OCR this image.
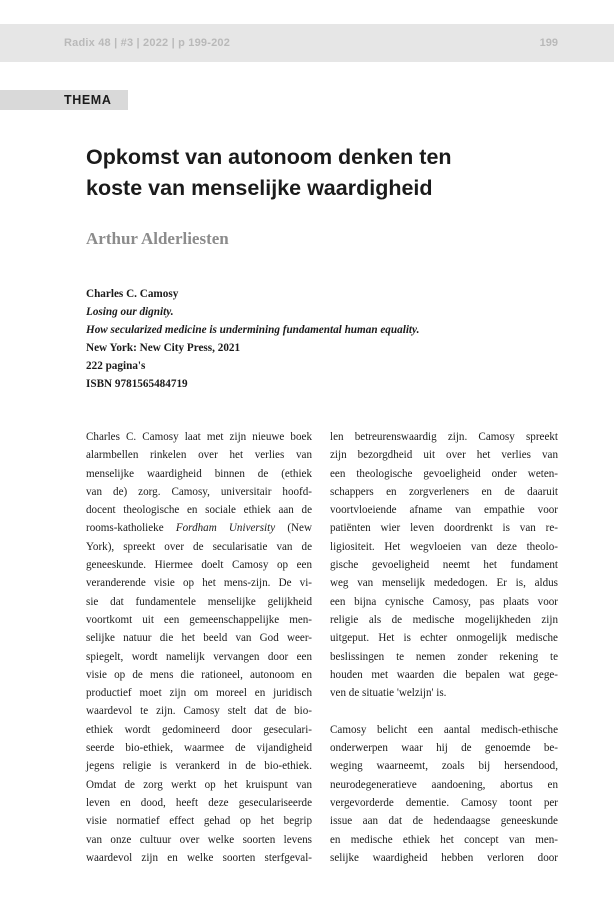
Radix 48 | #3 | 2022 | p 199-202	199
THEMA
Opkomst van autonoom denken ten
koste van menselijke waardigheid
Arthur Alderliesten
Charles C. Camosy
Losing our dignity.
How secularized medicine is undermining fundamental human equality.
New York: New City Press, 2021
222 pagina's
ISBN 9781565484719
Charles C. Camosy laat met zijn nieuwe boek
alarmbellen rinkelen over het verlies van
menselijke waardigheid binnen de (ethiek
van de) zorg. Camosy, universitair hoofd-
docent theologische en sociale ethiek aan de
rooms-katholieke Fordham University (New
York), spreekt over de secularisatie van de
geneeskunde. Hiermee doelt Camosy op een
veranderende visie op het mens-zijn. De vi-
sie dat fundamentele menselijke gelijkheid
voortkomt uit een gemeenschappelijke men-
selijke natuur die het beeld van God weer-
spiegelt, wordt namelijk vervangen door een
visie op de mens die rationeel, autonoom en
productief moet zijn om moreel en juridisch
waardevol te zijn. Camosy stelt dat de bio-
ethiek wordt gedomineerd door geseculari-
seerde bio-ethiek, waarmee de vijandigheid
jegens religie is verankerd in de bio-ethiek.
Omdat de zorg werkt op het kruispunt van
leven en dood, heeft deze geseculariseerde
visie normatief effect gehad op het begrip
van onze cultuur over welke soorten levens
waardevol zijn en welke soorten sterfgeval-
len betreurenswaardig zijn. Camosy spreekt
zijn bezorgdheid uit over het verlies van
een theologische gevoeligheid onder weten-
schappers en zorgverleners en de daaruit
voortvloeiende afname van empathie voor
patiënten wier leven doordrenkt is van re-
ligiositeit. Het wegvloeien van deze theolo-
gische gevoeligheid neemt het fundament
weg van menselijk mededogen. Er is, aldus
een bijna cynische Camosy, pas plaats voor
religie als de medische mogelijkheden zijn
uitgeput. Het is echter onmogelijk medische
beslissingen te nemen zonder rekening te
houden met waarden die bepalen wat gege-
ven de situatie 'welzijn' is.
Camosy belicht een aantal medisch-ethische
onderwerpen waar hij de genoemde be-
weging waarneemt, zoals bij hersendood,
neurodegeneratieve aandoening, abortus en
vergevorderde dementie. Camosy toont per
issue aan dat de hedendaagse geneeskunde
en medische ethiek het concept van men-
selijke waardigheid hebben verloren door
